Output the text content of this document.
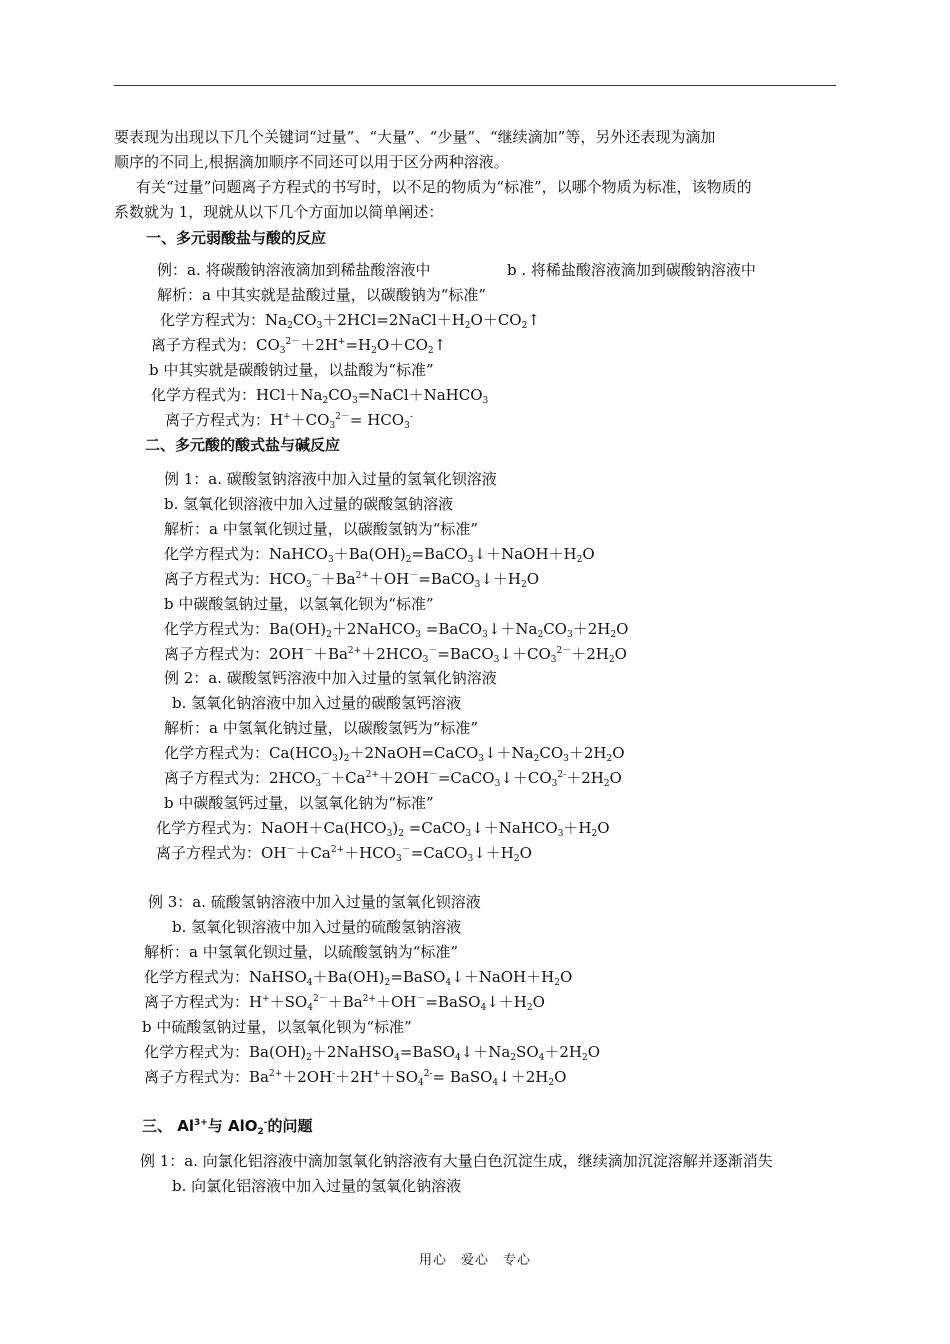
要表现为出现以下几个关键词“过量”、“大量”、“少量”、“继续滴加”等，另外还表现为滴加
顺序的不同上,根据滴加顺序不同还可以用于区分两种溶液。
有关“过量”问题离子方程式的书写时，以不足的物质为“标准”，以哪个物质为标准，该物质的
系数就为 1，现就从以下几个方面加以简单阐述：
一、多元弱酸盐与酸的反应
例：a. 将碳酸钠溶液滴加到稀盐酸溶液中	b . 将稀盐酸溶液滴加到碳酸钠溶液中
解析：a 中其实就是盐酸过量，以碳酸钠为“标准”
化学方程式为：$Na_2CO_3+2HCl=2NaCl+H_2O+CO_2↑$
离子方程式为：$CO_3^{2-}+2H^+=H_2O+CO_2↑$
b 中其实就是碳酸钠过量，以盐酸为“标准”
化学方程式为：$HCl+Na_2CO_3=NaCl+NaHCO_3$
离子方程式为：$H^++CO_3^{2-}= HCO_3^-$
二、多元酸的酸式盐与碱反应
例 1：a. 碳酸氢钠溶液中加入过量的氢氧化钡溶液
b. 氢氧化钡溶液中加入过量的碳酸氢钠溶液
解析：a 中氢氧化钡过量，以碳酸氢钠为“标准”
化学方程式为：$NaHCO_3+Ba(OH)_2=BaCO_3↓+NaOH+H_2O$
离子方程式为：$HCO_3^-+Ba^{2+}+OH^-=BaCO_3↓+H_2O$
b 中碳酸氢钠过量，以氢氧化钡为“标准”
化学方程式为：$Ba(OH)_2+2NaHCO_3$ $=BaCO_3↓+Na_2CO_3+2H_2O$
离子方程式为：$2OH^-+Ba^{2+}+2HCO_3^-=BaCO_3↓+CO_3^{2-}+2H_2O$
例 2：a. 碳酸氢钙溶液中加入过量的氢氧化钠溶液
b. 氢氧化钠溶液中加入过量的碳酸氢钙溶液
解析：a 中氢氧化钠过量，以碳酸氢钙为“标准”
化学方程式为：$Ca(HCO_3)_2+2NaOH=CaCO_3↓+Na_2CO_3+2H_2O$
离子方程式为：$2HCO_3^-+Ca^{2+}+2OH^-=CaCO_3↓+CO_3^{2-}+2H_2O$
b 中碳酸氢钙过量，以氢氧化钠为“标准”
化学方程式为：$NaOH+Ca(HCO_3)_2$ $=CaCO_3↓+NaHCO_3+H_2O$
离子方程式为：$OH^-+Ca^{2+}+HCO_3^-=CaCO_3↓+H_2O$
例 3：a. 硫酸氢钠溶液中加入过量的氢氧化钡溶液
b. 氢氧化钡溶液中加入过量的硫酸氢钠溶液
解析：a 中氢氧化钡过量，以硫酸氢钠为“标准”
化学方程式为：$NaHSO_4+Ba(OH)_2=BaSO_4↓+NaOH+H_2O$
离子方程式为：$H^++SO_4^{2-}+Ba^{2+}+OH^-=BaSO_4↓+H_2O$
b 中硫酸氢钠过量，以氢氧化钡为“标准”
化学方程式为：$Ba(OH)_2+2NaHSO_4=BaSO_4↓+Na_2SO_4+2H_2O$
离子方程式为：$Ba^{2+}+2OH^-+2H^++SO_4^{2-}=$ $BaSO_4↓+2H_2O$
三、 $Al^{3+}$与 AlO$_2$-的问题
例 1：a. 向氯化铝溶液中滴加氢氧化钠溶液有大量白色沉淀生成，继续滴加沉淀溶解并逐渐消失
b. 向氯化铝溶液中加入过量的氢氧化钠溶液
用心　爱心　专心
